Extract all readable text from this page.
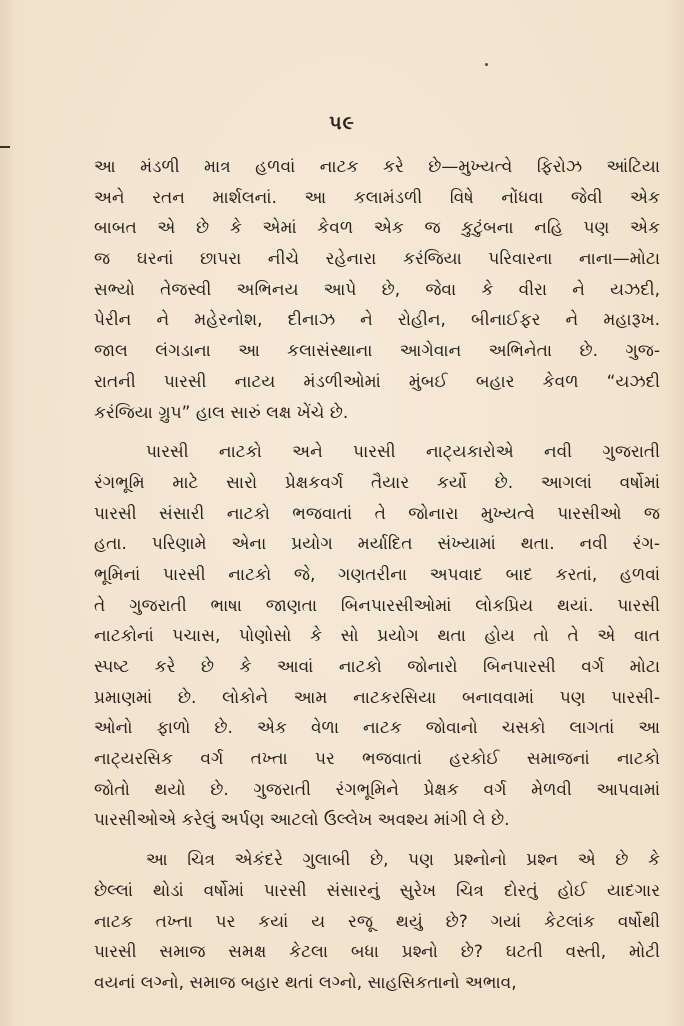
૫૯
આ મંડળી માત્ર હળવાં નાટક કરે છે—મુખ્યત્વે ફિરોઝ આંટિયા
અને રતન માર્શલનાં. આ કલામંડળી વિષે નોંધવા જેવી એક
બાબત એ છે કે એમાં કેવળ એક જ કુટુંબના નહિ પણ એક
જ ઘરનાં છાપરા નીચે રહેનારા કરંજિયા પરિવારના નાના—મોટા
સભ્યો તેજસ્વી અભિનય આપે છે, જેવા કે વીરા ને યઝદી,
પેરીન ને મહેરનોશ, દીનાઝ ને રોહીન, બીનાઈફર ને મહારૂખ.
જાલ લંગડાના આ કલાસંસ્થાના આગેવાન અભિનેતા છે. ગુજ-
રાતની પારસી નાટય મંડળીઓમાં મુંબઈ બહાર કેવળ “યઝદી
કરંજિયા ગ્રુપ” હાલ સારું લક્ષ ખેંચે છે.
પારસી નાટકો અને પારસી નાટ્યકારોએ નવી ગુજરાતી
રંગભૂમિ માટે સારો પ્રેક્ષકવર્ગ તૈયાર કર્યો છે. આગલાં વર્ષોમાં
પારસી સંસારી નાટકો ભજવાતાં તે જોનારા મુખ્યત્વે પારસીઓ જ
હતા. પરિણામે એના પ્રયોગ મર્યાદિત સંખ્યામાં થતા. નવી રંગ-
ભૂમિનાં પારસી નાટકો જે, ગણતરીના અપવાદ બાદ કરતાં, હળવાં
તે ગુજરાતી ભાષા જાણતા બિનપારસીઓમાં લોકપ્રિય થયાં. પારસી
નાટકોનાં પચાસ, પોણોસો કે સો પ્રયોગ થતા હોય તો તે એ વાત
સ્પષ્ટ કરે છે કે આવાં નાટકો જોનારો બિનપારસી વર્ગ મોટા
પ્રમાણમાં છે. લોકોને આમ નાટકરસિયા બનાવવામાં પણ પારસી-
ઓનો ફાળો છે. એક વેળા નાટક જોવાનો ચસકો લાગતાં આ
નાટ્યરસિક વર્ગ તખ્તા પર ભજવાતાં હરકોઈ સમાજનાં નાટકો
જોતો થયો છે. ગુજરાતી રંગભૂમિને પ્રેક્ષક વર્ગ મેળવી આપવામાં
પારસીઓએ કરેલું અર્પણ આટલો ઉલ્લેખ અવશ્ય માંગી લે છે.
આ ચિત્ર એકંદરે ગુલાબી છે, પણ પ્રશ્નોનો પ્રશ્ન એ છે કે
છેલ્લાં થોડાં વર્ષોમાં પારસી સંસારનું સુરેખ ચિત્ર દોરતું હોઈ યાદગાર
નાટક તખ્તા પર કયાં ય રજૂ થયું છે? ગયાં કેટલાંક વર્ષોથી
પારસી સમાજ સમક્ષ કેટલા બધા પ્રશ્નો છે? ઘટતી વસ્તી, મોટી
વયનાં લગ્નો, સમાજ બહાર થતાં લગ્નો, સાહસિકતાનો અભાવ,
